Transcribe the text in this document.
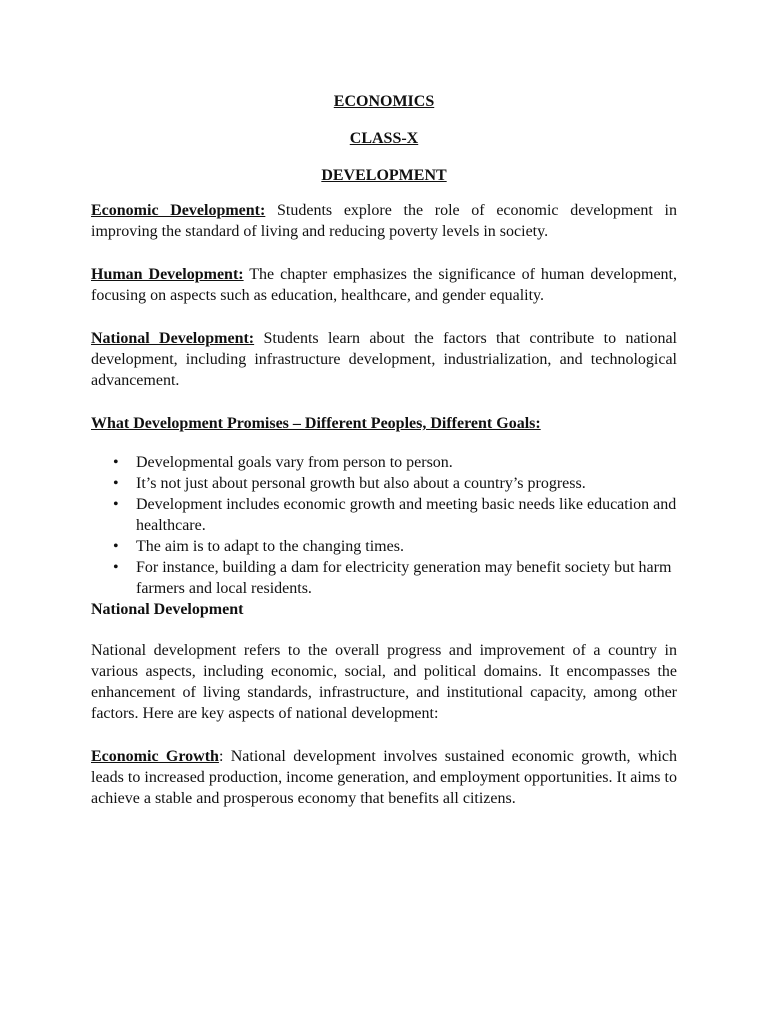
ECONOMICS

CLASS-X

DEVELOPMENT

Economic Development: Students explore the role of economic development in improving the standard of living and reducing poverty levels in society.

Human Development: The chapter emphasizes the significance of human development, focusing on aspects such as education, healthcare, and gender equality.

National Development: Students learn about the factors that contribute to national development, including infrastructure development, industrialization, and technological advancement.

What Development Promises – Different Peoples, Different Goals:

• Developmental goals vary from person to person.
• It’s not just about personal growth but also about a country’s progress.
• Development includes economic growth and meeting basic needs like education and healthcare.
• The aim is to adapt to the changing times.
• For instance, building a dam for electricity generation may benefit society but harm farmers and local residents.

National Development

National development refers to the overall progress and improvement of a country in various aspects, including economic, social, and political domains. It encompasses the enhancement of living standards, infrastructure, and institutional capacity, among other factors. Here are key aspects of national development:

Economic Growth: National development involves sustained economic growth, which leads to increased production, income generation, and employment opportunities. It aims to achieve a stable and prosperous economy that benefits all citizens.
